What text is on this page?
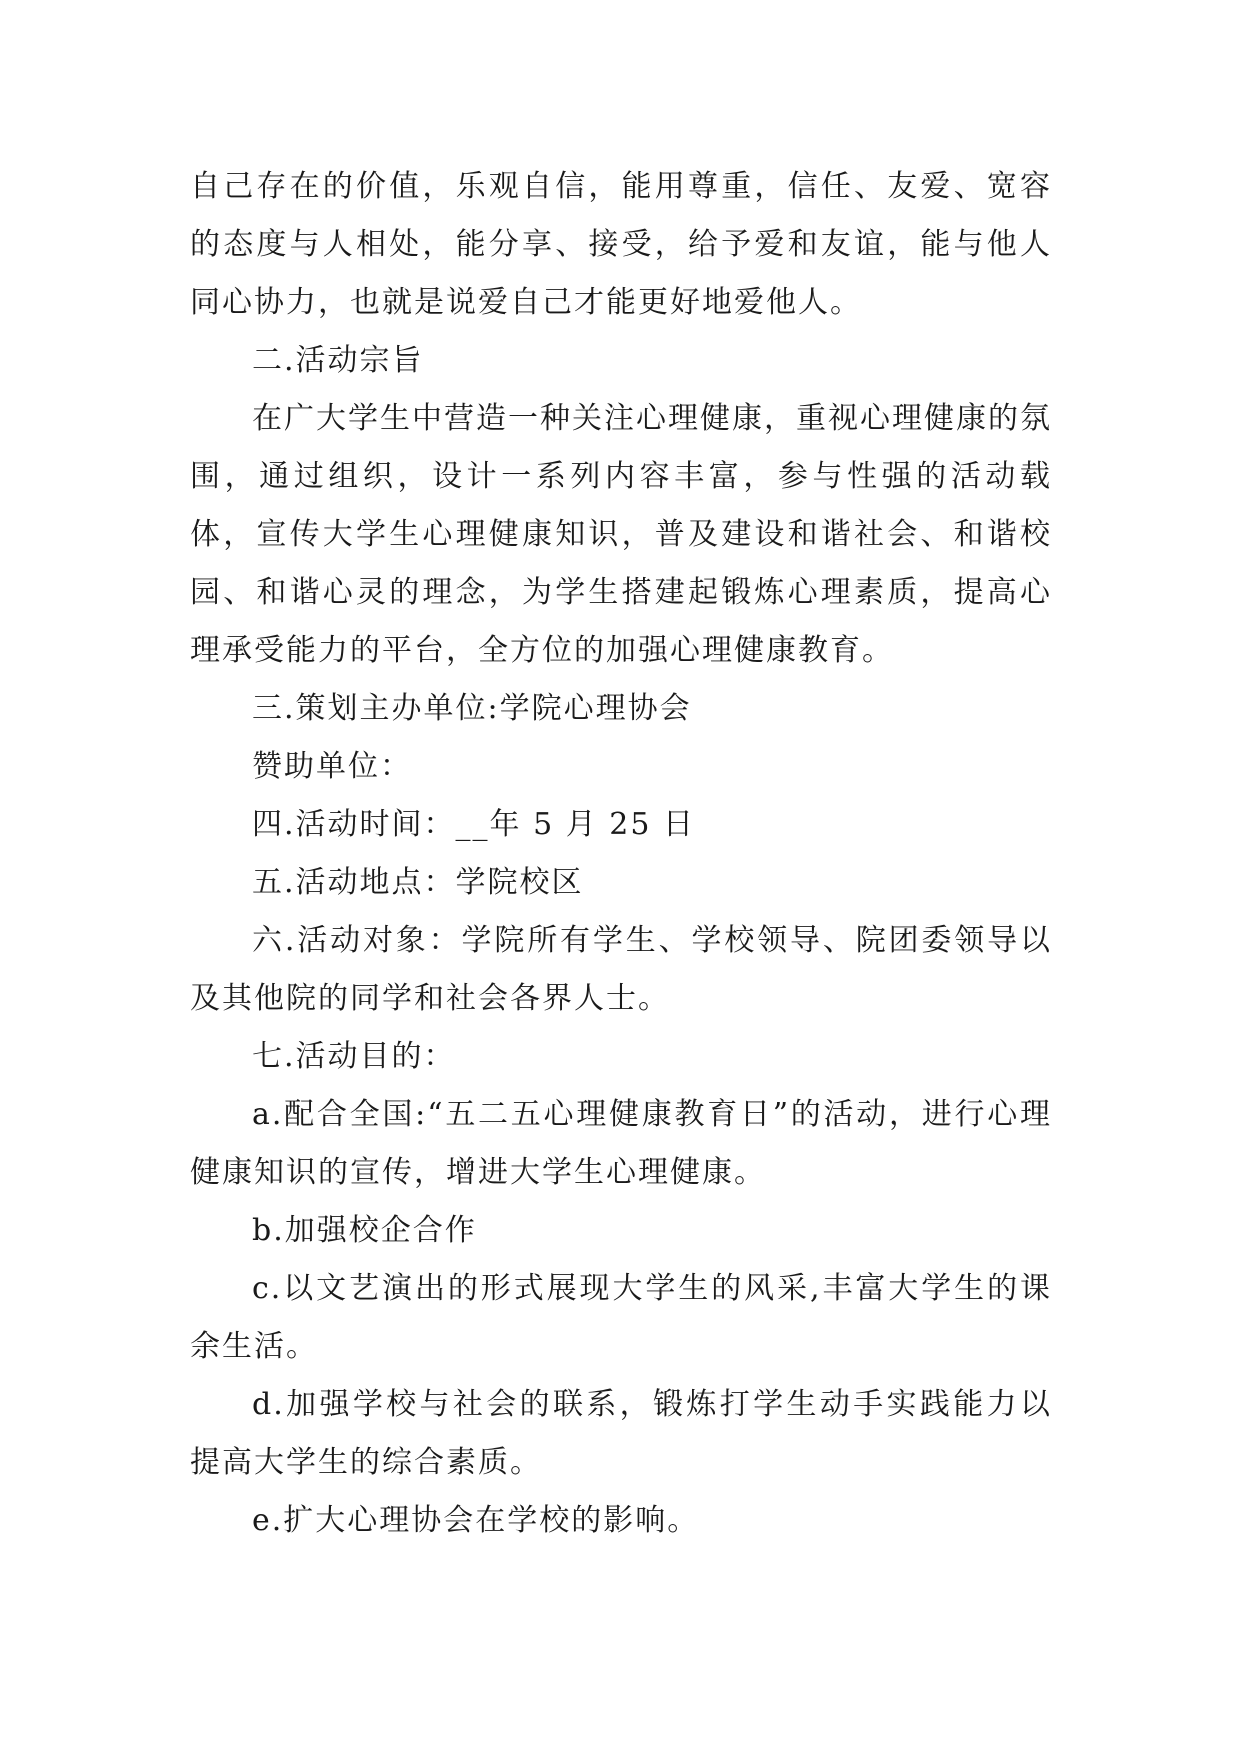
自己存在的价值，乐观自信，能用尊重，信任、友爱、宽容的态度与人相处，能分享、接受，给予爱和友谊，能与他人同心协力，也就是说爱自己才能更好地爱他人。

二.活动宗旨

在广大学生中营造一种关注心理健康，重视心理健康的氛围，通过组织，设计一系列内容丰富，参与性强的活动载体，宣传大学生心理健康知识，普及建设和谐社会、和谐校园、和谐心灵的理念，为学生搭建起锻炼心理素质，提高心理承受能力的平台，全方位的加强心理健康教育。

三.策划主办单位:学院心理协会

赞助单位：

四.活动时间：__年 5 月 25 日

五.活动地点：学院校区

六.活动对象：学院所有学生、学校领导、院团委领导以及其他院的同学和社会各界人士。

七.活动目的：

a.配合全国:“五二五心理健康教育日”的活动，进行心理健康知识的宣传，增进大学生心理健康。

b.加强校企合作

c.以文艺演出的形式展现大学生的风采,丰富大学生的课余生活。

d.加强学校与社会的联系，锻炼打学生动手实践能力以提高大学生的综合素质。

e.扩大心理协会在学校的影响。
